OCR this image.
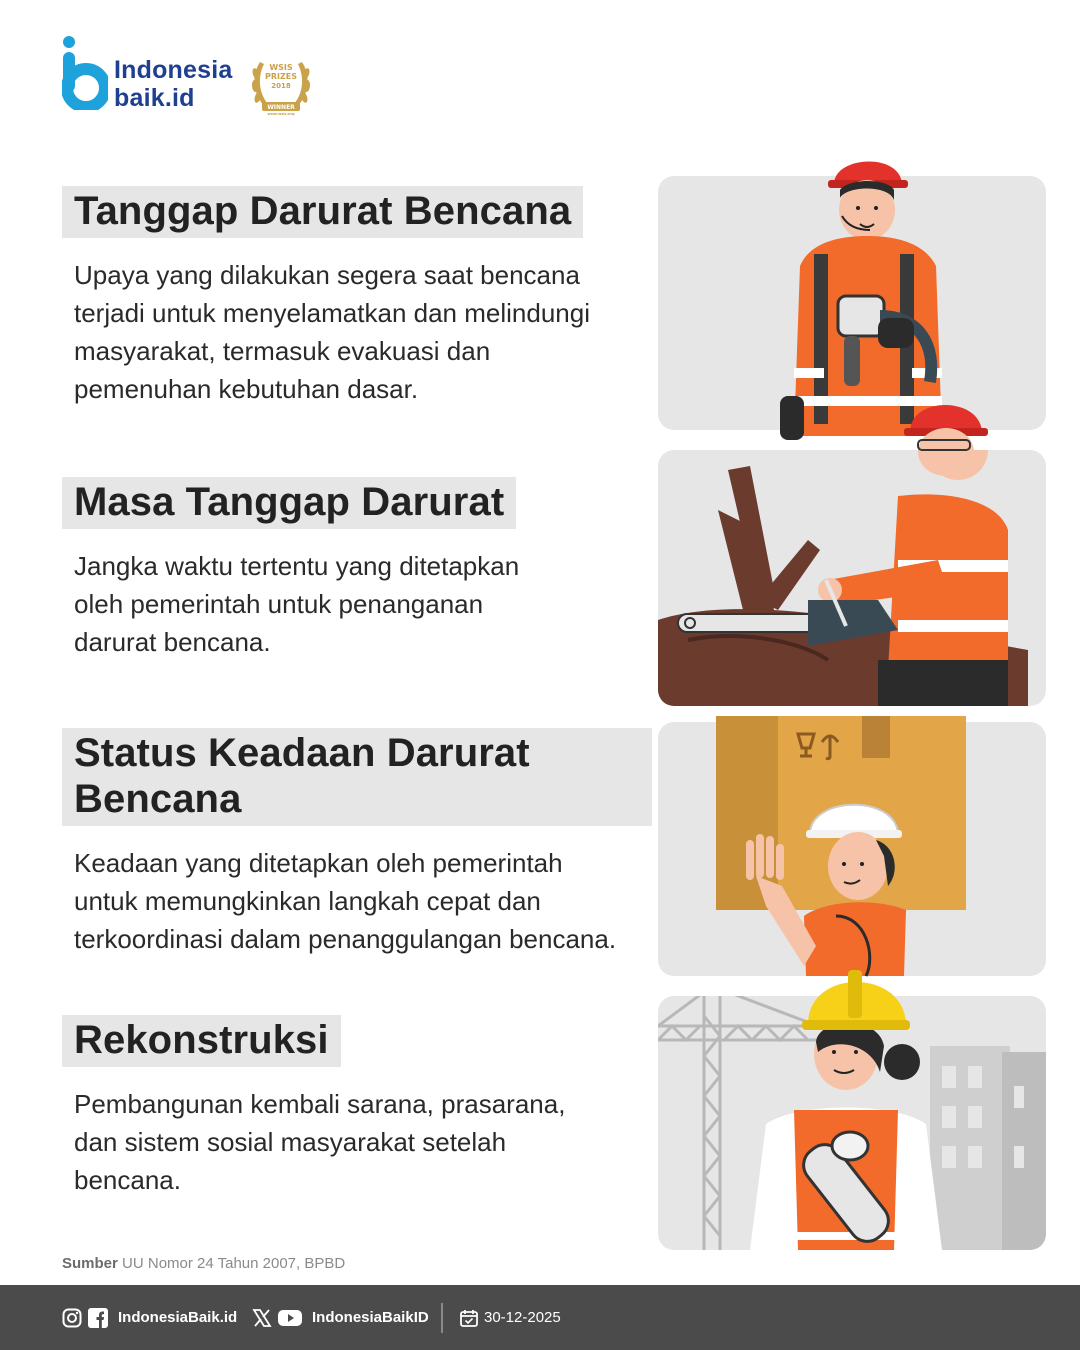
Indonesia
baik.id
WSIS
PRIZES
2018
WINNER
www.wsis.org
Tanggap Darurat Bencana

Upaya yang dilakukan segera saat bencana terjadi untuk menyelamatkan dan melindungi masyarakat, termasuk evakuasi dan pemenuhan kebutuhan dasar.

Masa Tanggap Darurat

Jangka waktu tertentu yang ditetapkan oleh pemerintah untuk penanganan darurat bencana.

Status Keadaan Darurat Bencana

Keadaan yang ditetapkan oleh pemerintah untuk memungkinkan langkah cepat dan terkoordinasi dalam penanggulangan bencana.

Rekonstruksi

Pembangunan kembali sarana, prasarana, dan sistem sosial masyarakat setelah bencana.

Sumber UU Nomor 24 Tahun 2007, BPBD
IndonesiaBaik.id	IndonesiaBaikID	30-12-2025
